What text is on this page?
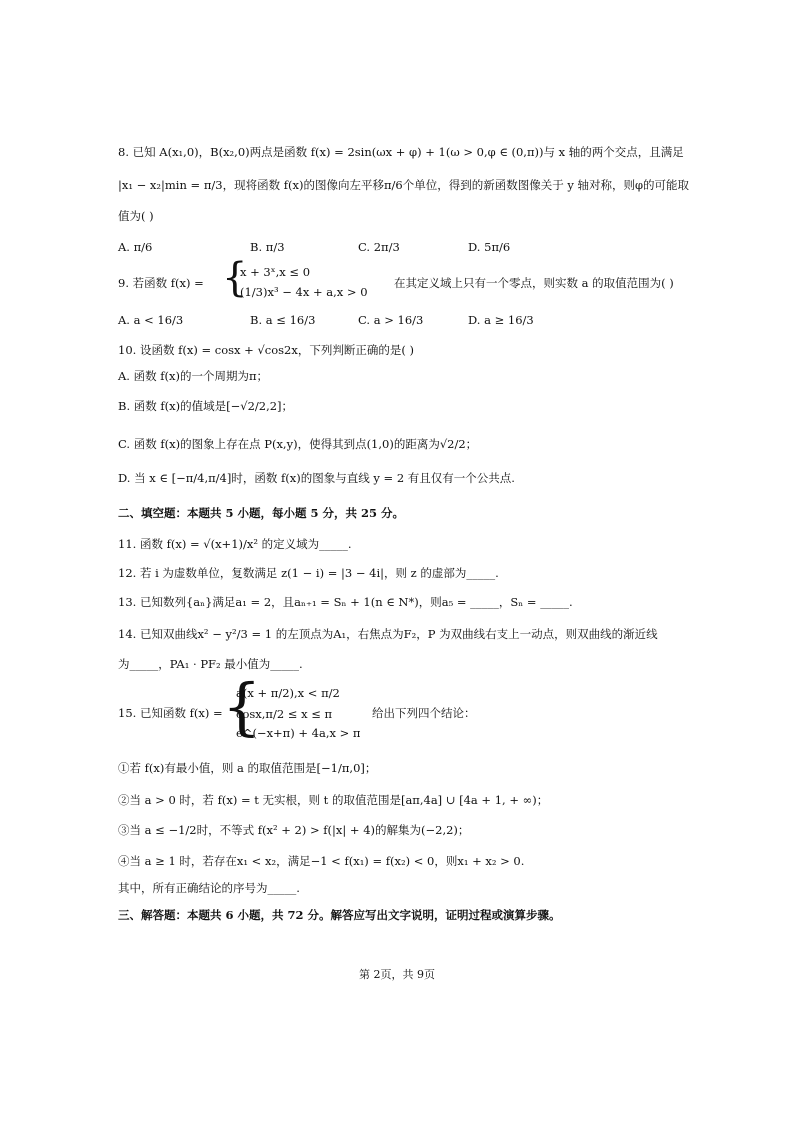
8. 已知 A(x₁,0)，B(x₂,0)两点是函数 f(x) = 2sin(ωx + φ) + 1(ω > 0,φ ∈ (0,π))与 x 轴的两个交点，且满足
|x₁ − x₂|min = π/3，现将函数 f(x)的图像向左平移π/6个单位，得到的新函数图像关于 y 轴对称，则φ的可能取
值为( )
A. π/6	B. π/3	C. 2π/3	D. 5π/6
9. 若函数 f(x) = {
x + 3ˣ,x ≤ 0
(1/3)x³ − 4x + a,x > 0
在其定义域上只有一个零点，则实数 a 的取值范围为( )
A. a < 16/3	B. a ≤ 16/3	C. a > 16/3	D. a ≥ 16/3
10. 设函数 f(x) = cosx + √cos2x，下列判断正确的是( )
A. 函数 f(x)的一个周期为π；
B. 函数 f(x)的值域是[−√2/2,2]；
C. 函数 f(x)的图象上存在点 P(x,y)，使得其到点(1,0)的距离为√2/2；
D. 当 x ∈ [−π/4,π/4]时，函数 f(x)的图象与直线 y = 2 有且仅有一个公共点.
二、填空题：本题共 5 小题，每小题 5 分，共 25 分。
11. 函数 f(x) = √(x+1)/x² 的定义域为_____.
12. 若 i 为虚数单位，复数满足 z(1 − i) = |3 − 4i|，则 z 的虚部为_____.
13. 已知数列{aₙ}满足a₁ = 2，且aₙ₊₁ = Sₙ + 1(n ∈ N*)，则a₅ = _____，Sₙ = _____.
14. 已知双曲线x² − y²/3 = 1 的左顶点为A₁，右焦点为F₂，P 为双曲线右支上一动点，则双曲线的渐近线
为_____，PA₁ · PF₂ 最小值为_____.
15. 已知函数 f(x) = {
a(x + π/2),x < π/2
cosx,π/2 ≤ x ≤ π
e^(−x+π) + 4a,x > π
给出下列四个结论：
①若 f(x)有最小值，则 a 的取值范围是[−1/π,0]；
②当 a > 0 时，若 f(x) = t 无实根，则 t 的取值范围是[aπ,4a] ∪ [4a + 1, + ∞)；
③当 a ≤ −1/2时，不等式 f(x² + 2) > f(|x| + 4)的解集为(−2,2)；
④当 a ≥ 1 时，若存在x₁ < x₂，满足−1 < f(x₁) = f(x₂) < 0，则x₁ + x₂ > 0.
其中，所有正确结论的序号为_____.
三、解答题：本题共 6 小题，共 72 分。解答应写出文字说明，证明过程或演算步骤。
第 2页，共 9页
